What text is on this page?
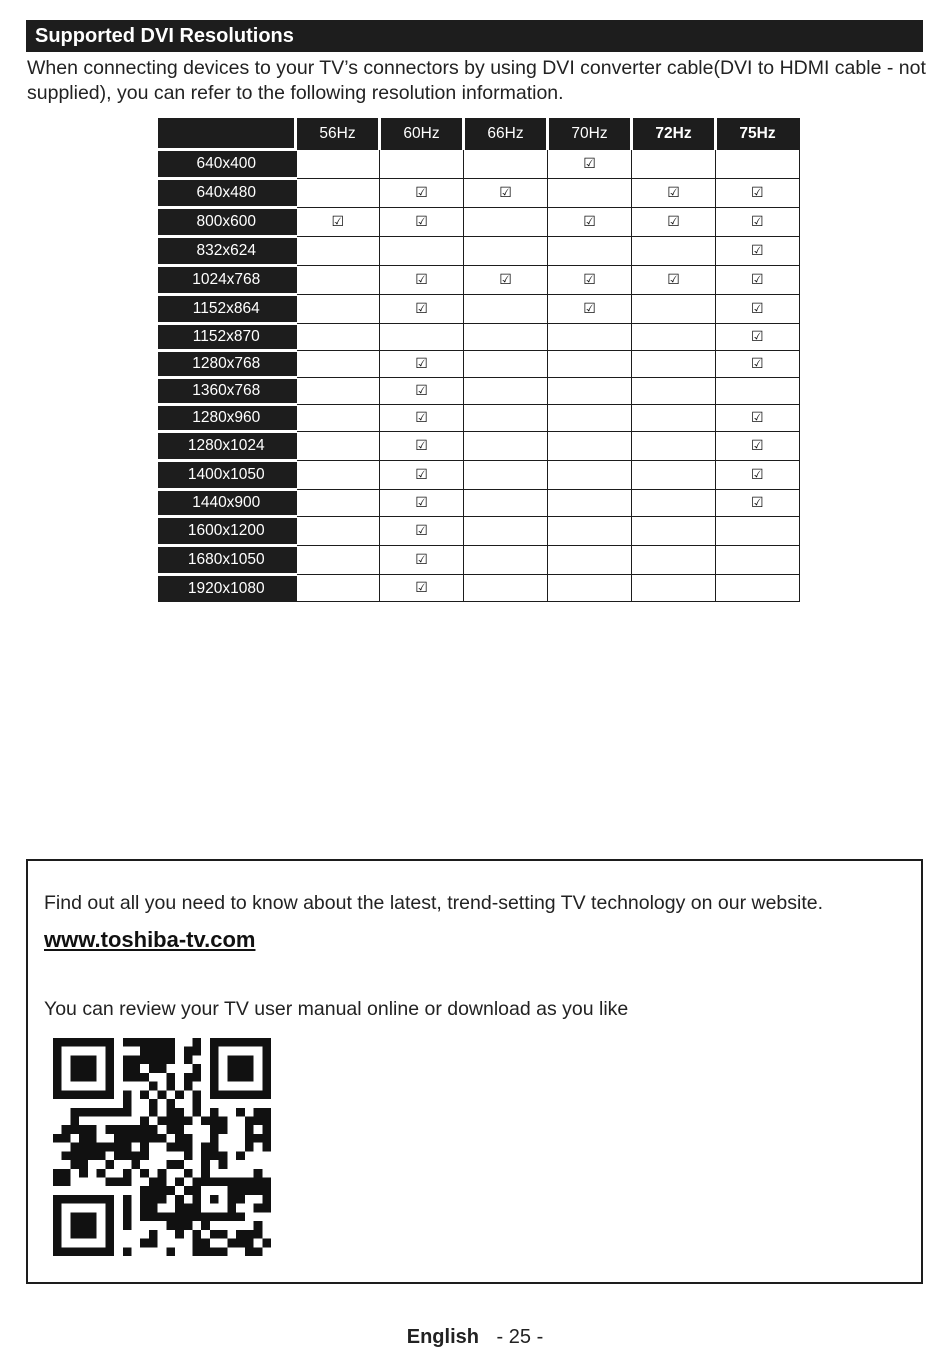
Supported DVI Resolutions
When connecting devices to your TV’s connectors by using DVI converter cable(DVI to HDMI cable - not supplied), you can refer to the following resolution information.
	56Hz	60Hz	66Hz	70Hz	72Hz	75Hz
640x400				☑		
640x480		☑	☑		☑	☑
800x600	☑	☑		☑	☑	☑
832x624						☑
1024x768		☑	☑	☑	☑	☑
1152x864		☑		☑		☑
1152x870						☑
1280x768		☑				☑
1360x768		☑				
1280x960		☑				☑
1280x1024		☑				☑
1400x1050		☑				☑
1440x900		☑				☑
1600x1200		☑				
1680x1050		☑				
1920x1080		☑				
Find out all you need to know about the latest, trend-setting TV technology on our website.
www.toshiba-tv.com
You can review your TV user manual online or download as you like
English - 25 -
